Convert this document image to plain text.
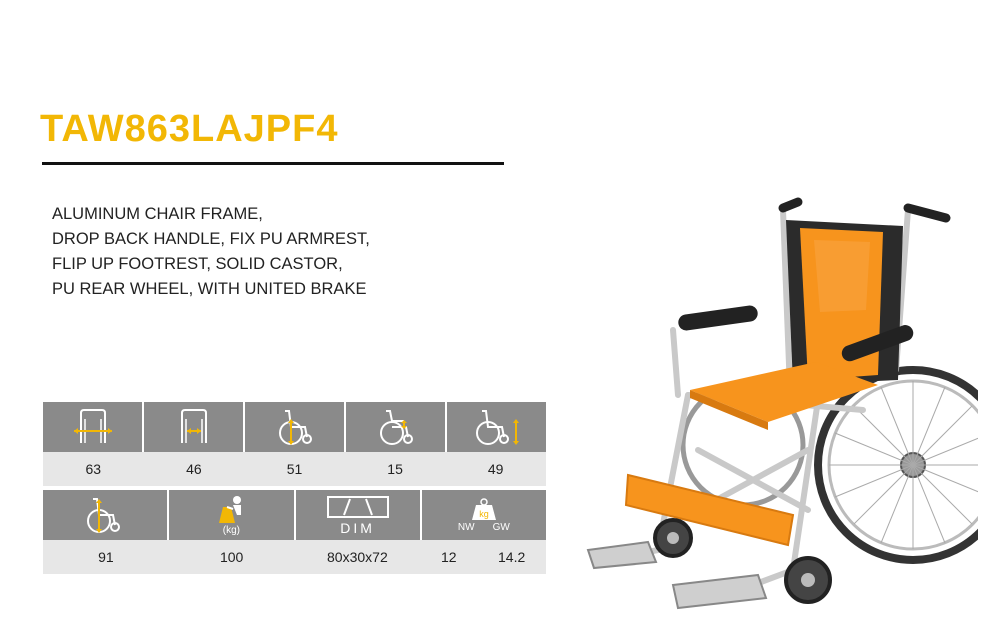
TAW863LAJPF4
ALUMINUM CHAIR FRAME,
DROP BACK HANDLE, FIX PU ARMREST,
FLIP UP FOOTREST, SOLID CASTOR,
PU REAR WHEEL, WITH UNITED BRAKE
63	46	51	15	49
(kg)	DIM
kg
NW GW
91	100	80x30x72	12	14.2
